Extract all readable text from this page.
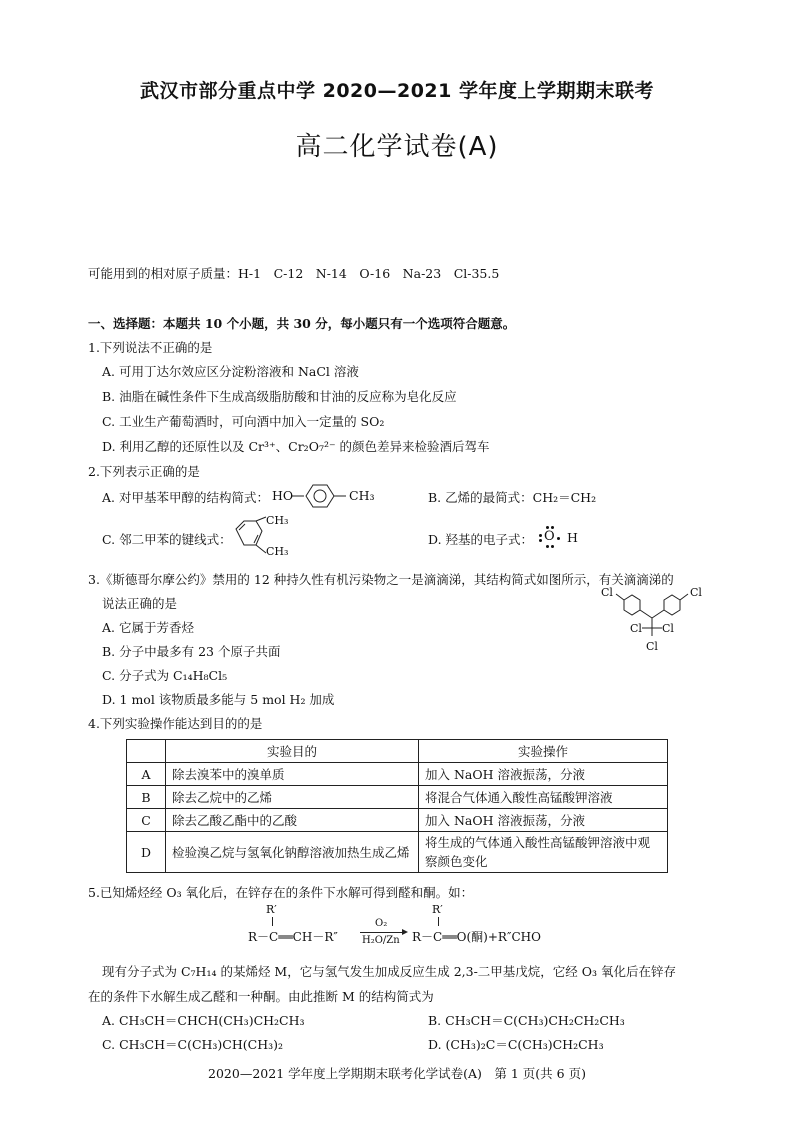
武汉市部分重点中学 2020—2021 学年度上学期期末联考
高二化学试卷(A)
可能用到的相对原子质量：H-1　C-12　N-14　O-16　Na-23　Cl-35.5
一、选择题：本题共 10 个小题，共 30 分，每小题只有一个选项符合题意。
1.下列说法不正确的是
A. 可用丁达尔效应区分淀粉溶液和 NaCl 溶液
B. 油脂在碱性条件下生成高级脂肪酸和甘油的反应称为皂化反应
C. 工业生产葡萄酒时，可向酒中加入一定量的 SO₂
D. 利用乙醇的还原性以及 Cr³⁺、Cr₂O₇²⁻ 的颜色差异来检验酒后驾车
2.下列表示正确的是
A. 对甲基苯甲醇的结构简式： HO	CH₃	B. 乙烯的最简式：CH₂＝CH₂
C. 邻二甲苯的键线式：
CH₃
CH₃
D. 羟基的电子式： O H
3.《斯德哥尔摩公约》禁用的 12 种持久性有机污染物之一是滴滴涕，其结构简式如图所示，有关滴滴涕的
说法正确的是
A. 它属于芳香烃
B. 分子中最多有 23 个原子共面
C. 分子式为 C₁₄H₈Cl₅
D. 1 mol 该物质最多能与 5 mol H₂ 加成
Cl	Cl
Cl Cl
Cl
4.下列实验操作能达到目的的是
	实验目的	实验操作
A	除去溴苯中的溴单质	加入 NaOH 溶液振荡，分液
B	除去乙烷中的乙烯	将混合气体通入酸性高锰酸钾溶液
C	除去乙酸乙酯中的乙酸	加入 NaOH 溶液振荡，分液
D	检验溴乙烷与氢氧化钠醇溶液加热生成乙烯	将生成的气体通入酸性高锰酸钾溶液中观察颜色变化
5.已知烯烃经 O₃ 氧化后，在锌存在的条件下水解可得到醛和酮。如：
R′
R－C══CH－R″
O₂
H₂O/Zn
R′
R－C══O(酮)+R″CHO
现有分子式为 C₇H₁₄ 的某烯烃 M，它与氢气发生加成反应生成 2,3-二甲基戊烷，它经 O₃ 氧化后在锌存
在的条件下水解生成乙醛和一种酮。由此推断 M 的结构简式为
A. CH₃CH＝CHCH(CH₃)CH₂CH₃	B. CH₃CH＝C(CH₃)CH₂CH₂CH₃
C. CH₃CH＝C(CH₃)CH(CH₃)₂	D. (CH₃)₂C＝C(CH₃)CH₂CH₃
2020—2021 学年度上学期期末联考化学试卷(A)　第 1 页(共 6 页)
